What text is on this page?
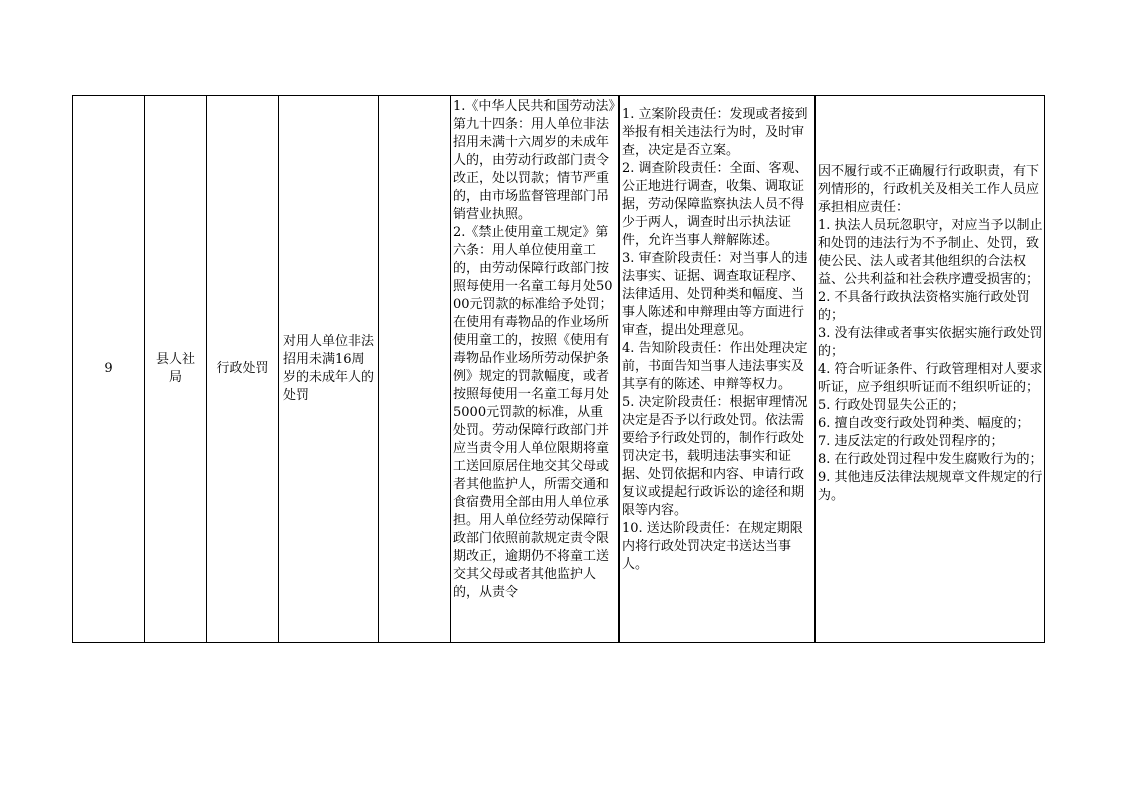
9
县人社局
行政处罚
对用人单位非法招用未满16周岁的未成年人的处罚
1.《中华人民共和国劳动法》第九十四条：用人单位非法招用未满十六周岁的未成年人的，由劳动行政部门责令改正，处以罚款；情节严重的，由市场监督管理部门吊销营业执照。
2.《禁止使用童工规定》第六条：用人单位使用童工的，由劳动保障行政部门按照每使用一名童工每月处5000元罚款的标准给予处罚；在使用有毒物品的作业场所使用童工的，按照《使用有毒物品作业场所劳动保护条例》规定的罚款幅度，或者按照每使用一名童工每月处5000元罚款的标准，从重处罚。劳动保障行政部门并应当责令用人单位限期将童工送回原居住地交其父母或者其他监护人，所需交通和食宿费用全部由用人单位承担。用人单位经劳动保障行政部门依照前款规定责令限期改正，逾期仍不将童工送交其父母或者其他监护人的，从责令
1. 立案阶段责任：发现或者接到举报有相关违法行为时，及时审查，决定是否立案。
2. 调查阶段责任：全面、客观、公正地进行调查，收集、调取证据，劳动保障监察执法人员不得少于两人，调查时出示执法证件，允许当事人辩解陈述。
3. 审查阶段责任：对当事人的违法事实、证据、调查取证程序、法律适用、处罚种类和幅度、当事人陈述和申辩理由等方面进行审查，提出处理意见。
4. 告知阶段责任：作出处理决定前，书面告知当事人违法事实及其享有的陈述、申辩等权力。
5. 决定阶段责任：根据审理情况决定是否予以行政处罚。依法需要给予行政处罚的，制作行政处罚决定书，载明违法事实和证据、处罚依据和内容、申请行政复议或提起行政诉讼的途径和期限等内容。
10. 送达阶段责任：在规定期限内将行政处罚决定书送达当事人。
因不履行或不正确履行行政职责，有下列情形的，行政机关及相关工作人员应承担相应责任：
1. 执法人员玩忽职守，对应当予以制止和处罚的违法行为不予制止、处罚，致使公民、法人或者其他组织的合法权益、公共利益和社会秩序遭受损害的；
2. 不具备行政执法资格实施行政处罚的；
3. 没有法律或者事实依据实施行政处罚的；
4. 符合听证条件、行政管理相对人要求听证，应予组织听证而不组织听证的；
5. 行政处罚显失公正的；
6. 擅自改变行政处罚种类、幅度的；
7. 违反法定的行政处罚程序的；
8. 在行政处罚过程中发生腐败行为的；
9. 其他违反法律法规规章文件规定的行为。
